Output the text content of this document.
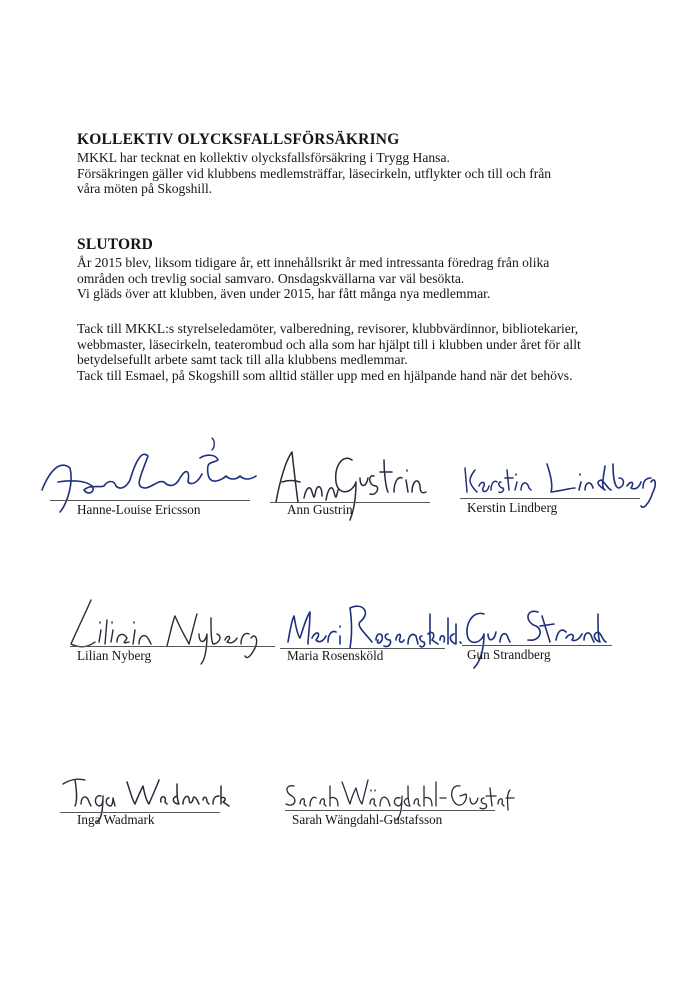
KOLLEKTIV OLYCKSFALLSFÖRSÄKRING
MKKL har tecknat en kollektiv olycksfallsförsäkring i Trygg Hansa.
Försäkringen gäller vid klubbens medlemsträffar, läsecirkeln, utflykter och till och från
våra möten på Skogshill.
SLUTORD
År 2015 blev, liksom tidigare år, ett innehållsrikt år med intressanta föredrag från olika
områden och trevlig social samvaro. Onsdagskvällarna var väl besökta.
Vi gläds över att klubben, även under 2015, har fått många nya medlemmar.
Tack till MKKL:s styrelseledamöter, valberedning, revisorer, klubbvärdinnor, bibliotekarier,
webbmaster, läsecirkeln, teaterombud och alla som har hjälpt till i klubben under året för allt
betydelsefullt arbete samt tack till alla klubbens medlemmar.
Tack till Esmael, på Skogshill som alltid ställer upp med en hjälpande hand när det behövs.
Hanne-Louise Ericsson	Ann Gustrin	Kerstin Lindberg
Lilian Nyberg	Maria Rosensköld	Gun Strandberg
Inga Wadmark	Sarah Wängdahl-Gustafsson
